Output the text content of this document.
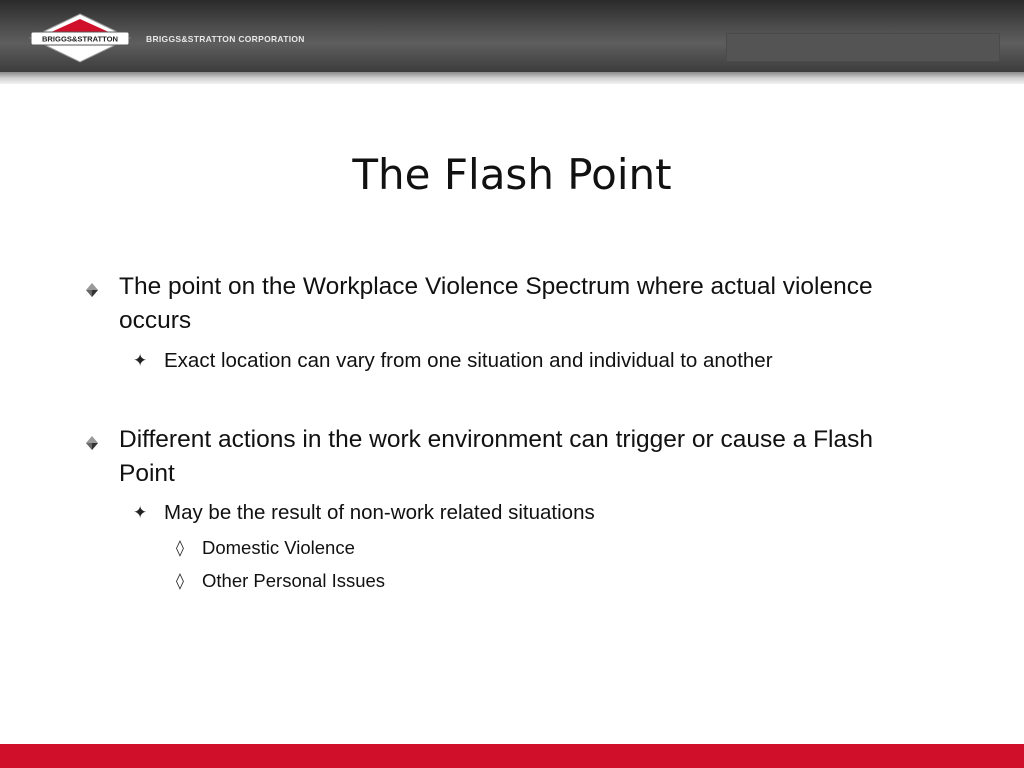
BRIGGS&STRATTON	BRIGGS&STRATTON CORPORATION
The Flash Point
The point on the Workplace Violence Spectrum where actual violence occurs
✦ Exact location can vary from one situation and individual to another
Different actions in the work environment can trigger or cause a Flash Point
✦ May be the result of non-work related situations
◊ Domestic Violence
◊ Other Personal Issues
